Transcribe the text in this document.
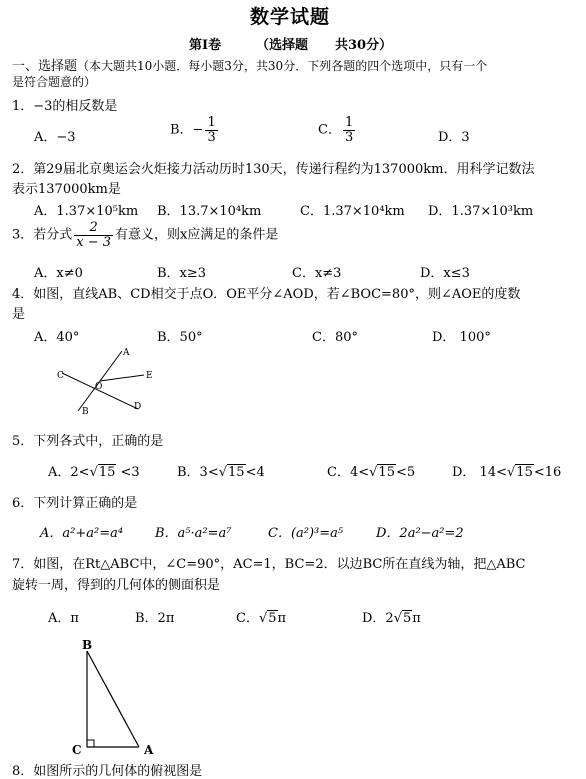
数学试题
第Ⅰ卷	（选择题 共30分）
一、选择题（本大题共10小题．每小题3分，共30分．下列各题的四个选项中，只有一个
是符合题意的）
1．−3的相反数是
A．−3	B．− $\frac{1}{3}$	C． $\frac{1}{3}$	D．3
2．第29届北京奥运会火炬接力活动历时130天，传递行程约为137000km．用科学记数法
表示137000km是
A．1.37×10⁵km B．13.7×10⁴km	C．1.37×10⁴km D．1.37×10³km
3．若分式 $\frac{2}{x - 3}$ 有意义，则x应满足的条件是
A．x≠0	B．x≥3	C．x≠3	D．x≤3
4．如图，直线AB、CD相交于点O．OE平分∠AOD，若∠BOC=80°，则∠AOE的度数
是
A．40°	B．50°	C．80°	D． 100°
A
B
C
D
E
O
5．下列各式中，正确的是
A．2<√15 <3	B．3<√15<4	C．4<√15<5	D． 14<√15<16
6．下列计算正确的是
A．a²+a²=a⁴ B．a⁵·a²=a⁷	C．(a²)³=a⁵	D．2a²−a²=2
7．如图，在Rt△ABC中，∠C=90°，AC=1，BC=2．以边BC所在直线为轴，把△ABC
旋转一周，得到的几何体的侧面积是
A．π	B．2π	C．√5π	D．2√5π
B
C	A
8．如图所示的几何体的俯视图是
